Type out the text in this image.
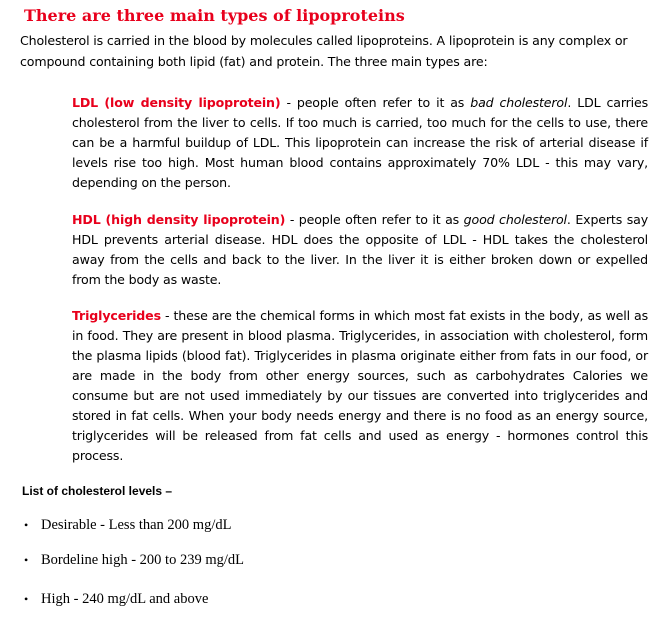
There are three main types of lipoproteins

Cholesterol is carried in the blood by molecules called lipoproteins. A lipoprotein is any complex or compound containing both lipid (fat) and protein. The three main types are:

LDL (low density lipoprotein) - people often refer to it as bad cholesterol. LDL carries cholesterol from the liver to cells. If too much is carried, too much for the cells to use, there can be a harmful buildup of LDL. This lipoprotein can increase the risk of arterial disease if levels rise too high. Most human blood contains approximately 70% LDL - this may vary, depending on the person.

HDL (high density lipoprotein) - people often refer to it as good cholesterol. Experts say HDL prevents arterial disease. HDL does the opposite of LDL - HDL takes the cholesterol away from the cells and back to the liver. In the liver it is either broken down or expelled from the body as waste.

Triglycerides - these are the chemical forms in which most fat exists in the body, as well as in food. They are present in blood plasma. Triglycerides, in association with cholesterol, form the plasma lipids (blood fat). Triglycerides in plasma originate either from fats in our food, or are made in the body from other energy sources, such as carbohydrates Calories we consume but are not used immediately by our tissues are converted into triglycerides and stored in fat cells. When your body needs energy and there is no food as an energy source, triglycerides will be released from fat cells and used as energy - hormones control this process.

List of cholesterol levels –

• Desirable - Less than 200 mg/dL
• Bordeline high - 200 to 239 mg/dL
• High - 240 mg/dL and above
